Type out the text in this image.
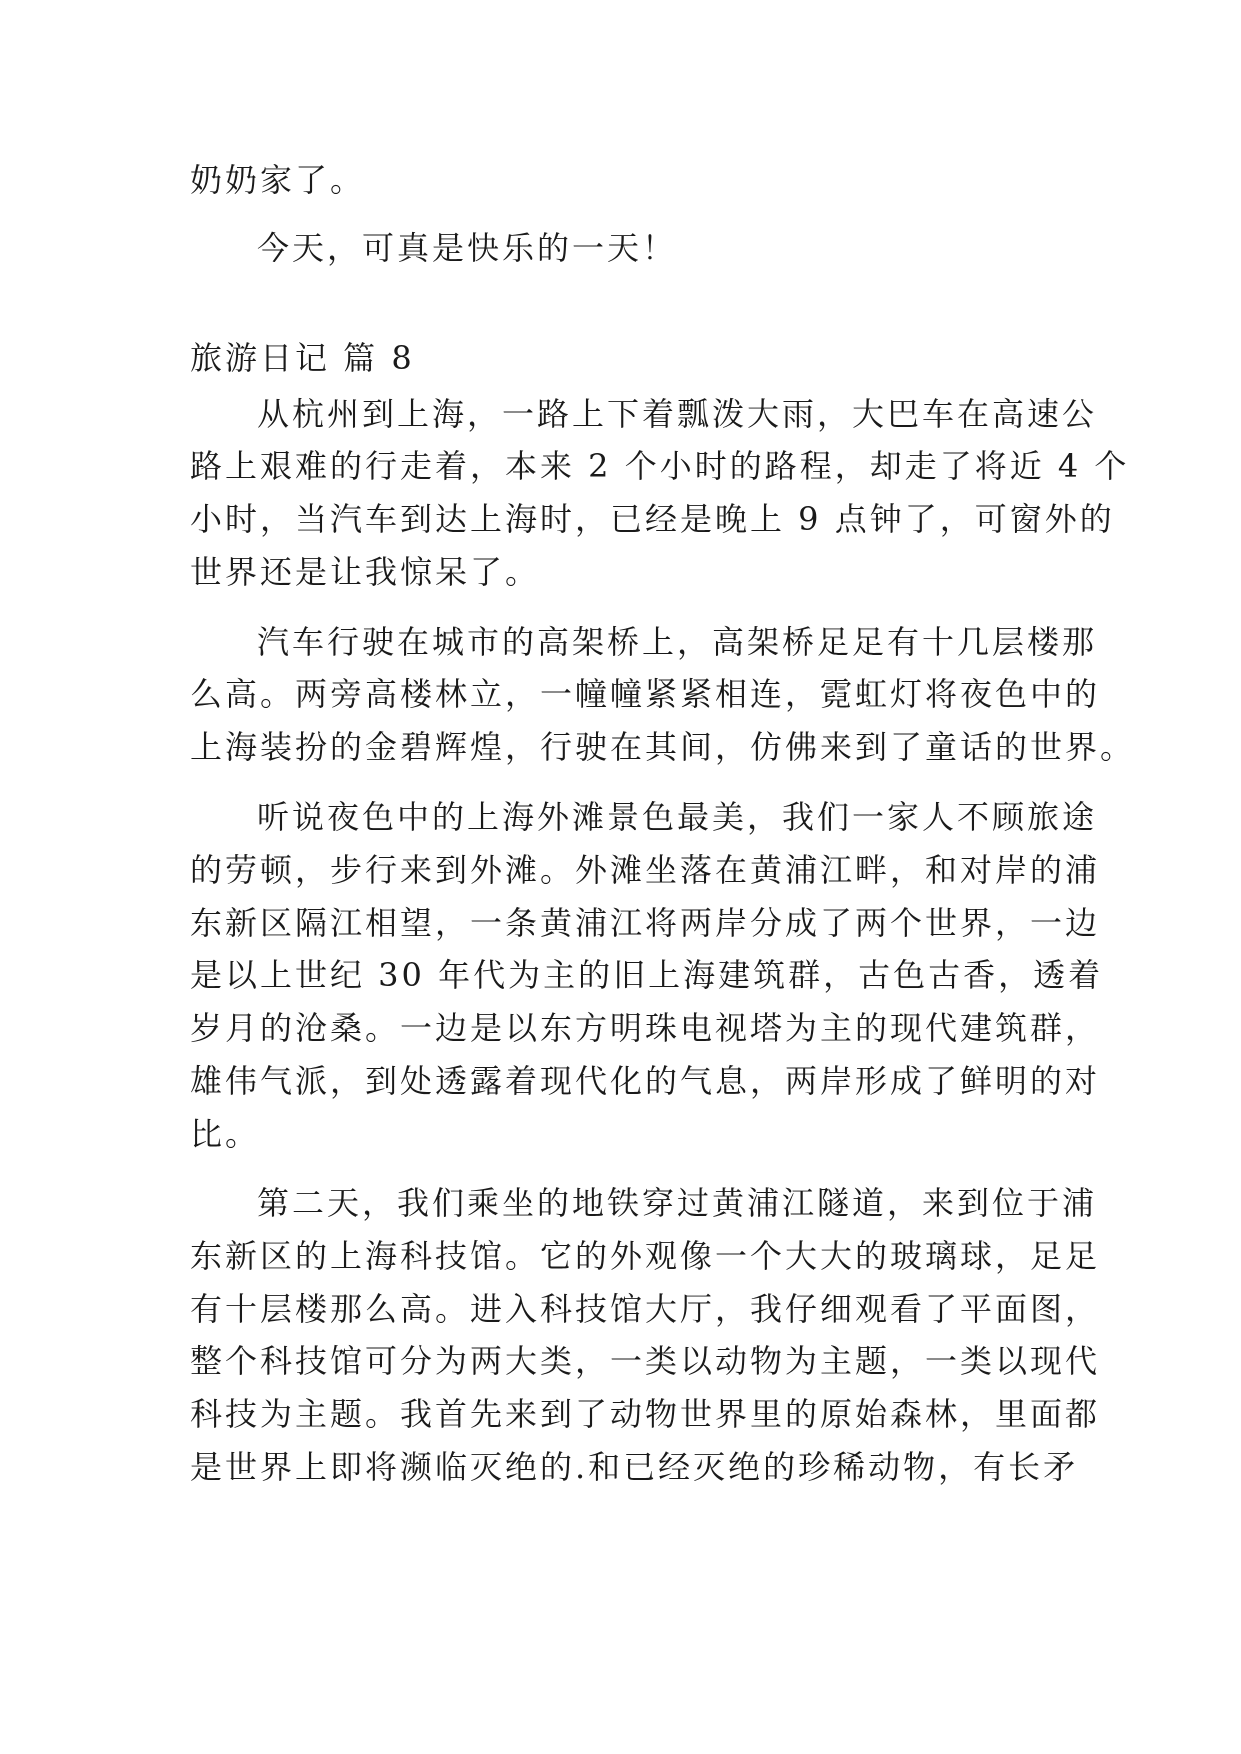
奶奶家了。
今天，可真是快乐的一天！
旅游日记 篇 8
从杭州到上海，一路上下着瓢泼大雨，大巴车在高速公
路上艰难的行走着，本来 2 个小时的路程，却走了将近 4 个
小时，当汽车到达上海时，已经是晚上 9 点钟了，可窗外的
世界还是让我惊呆了。
汽车行驶在城市的高架桥上，高架桥足足有十几层楼那
么高。两旁高楼林立，一幢幢紧紧相连，霓虹灯将夜色中的
上海装扮的金碧辉煌，行驶在其间，仿佛来到了童话的世界。
听说夜色中的上海外滩景色最美，我们一家人不顾旅途
的劳顿，步行来到外滩。外滩坐落在黄浦江畔，和对岸的浦
东新区隔江相望，一条黄浦江将两岸分成了两个世界，一边
是以上世纪 30 年代为主的旧上海建筑群，古色古香，透着
岁月的沧桑。一边是以东方明珠电视塔为主的现代建筑群，
雄伟气派，到处透露着现代化的气息，两岸形成了鲜明的对
比。
第二天，我们乘坐的地铁穿过黄浦江隧道，来到位于浦
东新区的上海科技馆。它的外观像一个大大的玻璃球，足足
有十层楼那么高。进入科技馆大厅，我仔细观看了平面图，
整个科技馆可分为两大类，一类以动物为主题，一类以现代
科技为主题。我首先来到了动物世界里的原始森林，里面都
是世界上即将濒临灭绝的.和已经灭绝的珍稀动物，有长矛
